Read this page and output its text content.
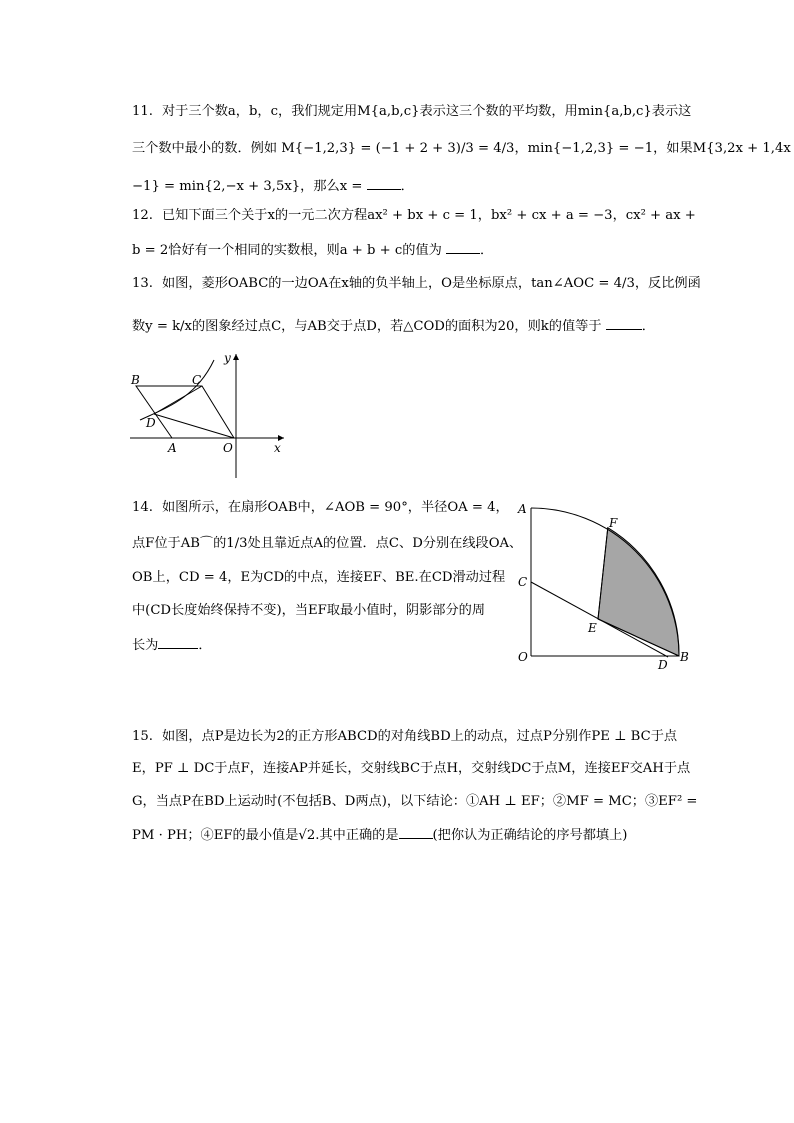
11. 对于三个数a，b，c，我们规定用M{a,b,c}表示这三个数的平均数，用min{a,b,c}表示这
三个数中最小的数．例如 M{−1,2,3} = (−1 + 2 + 3)/3 = 4/3，min{−1,2,3} = −1，如果M{3,2x + 1,4x
−1} = min{2,−x + 3,5x}，那么x =	．
12. 已知下面三个关于x的一元二次方程ax² + bx + c = 1，bx² + cx + a = −3，cx² + ax +
b = 2恰好有一个相同的实数根，则a + b + c的值为	．
13. 如图，菱形OABC的一边OA在x轴的负半轴上，O是坐标原点，tan∠AOC = 4/3，反比例函
数y = k/x的图象经过点C，与AB交于点D，若△COD的面积为20，则k的值等于	．
B	C
D
A	O	x
y
14. 如图所示，在扇形OAB中，∠AOB = 90°，半径OA = 4，
点F位于AB⌒的1/3处且靠近点A的位置．点C、D分别在线段OA、
OB上，CD = 4，E为CD的中点，连接EF、BE.在CD滑动过程
中(CD长度始终保持不变)，当EF取最小值时，阴影部分的周
长为	．
A
F
C
E
O
D
B
15. 如图，点P是边长为2的正方形ABCD的对角线BD上的动点，过点P分别作PE ⊥ BC于点
E，PF ⊥ DC于点F，连接AP并延长，交射线BC于点H，交射线DC于点M，连接EF交AH于点
G，当点P在BD上运动时(不包括B、D两点)，以下结论：①AH ⊥ EF；②MF = MC；③EF² =
PM · PH；④EF的最小值是√2.其中正确的是	(把你认为正确结论的序号都填上)
